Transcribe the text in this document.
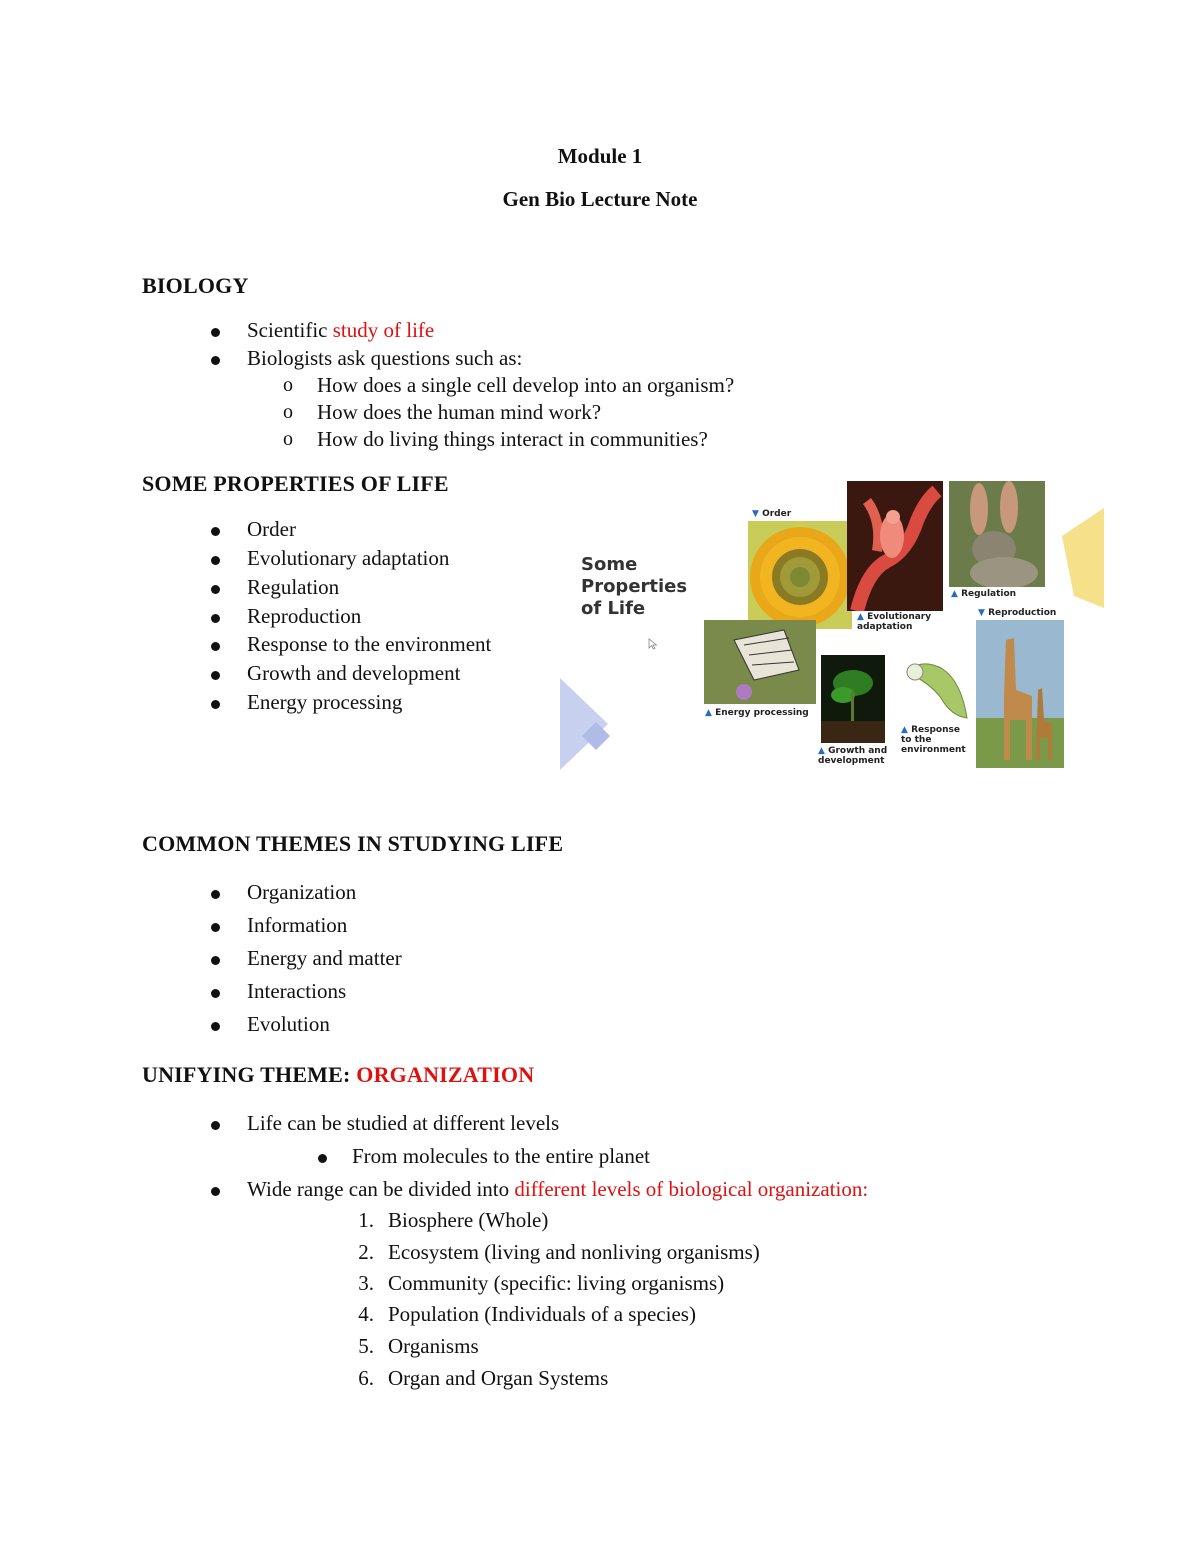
Module 1
Gen Bio Lecture Note
BIOLOGY
Scientific study of life
Biologists ask questions such as:
o How does a single cell develop into an organism?
o How does the human mind work?
o How do living things interact in communities?
SOME PROPERTIES OF LIFE
Order
Evolutionary adaptation
Regulation
Reproduction
Response to the environment
Growth and development
Energy processing
Some Properties of Life
▼ Order
▲ Evolutionary
adaptation
▲ Regulation
▼ Reproduction
▲ Energy processing
▲ Growth and
development
▲ Response
to the
environment
COMMON THEMES IN STUDYING LIFE
Organization
Information
Energy and matter
Interactions
Evolution
UNIFYING THEME: ORGANIZATION
Life can be studied at different levels
From molecules to the entire planet
Wide range can be divided into different levels of biological organization:
1. Biosphere (Whole)
2. Ecosystem (living and nonliving organisms)
3. Community (specific: living organisms)
4. Population (Individuals of a species)
5. Organisms
6. Organ and Organ Systems
